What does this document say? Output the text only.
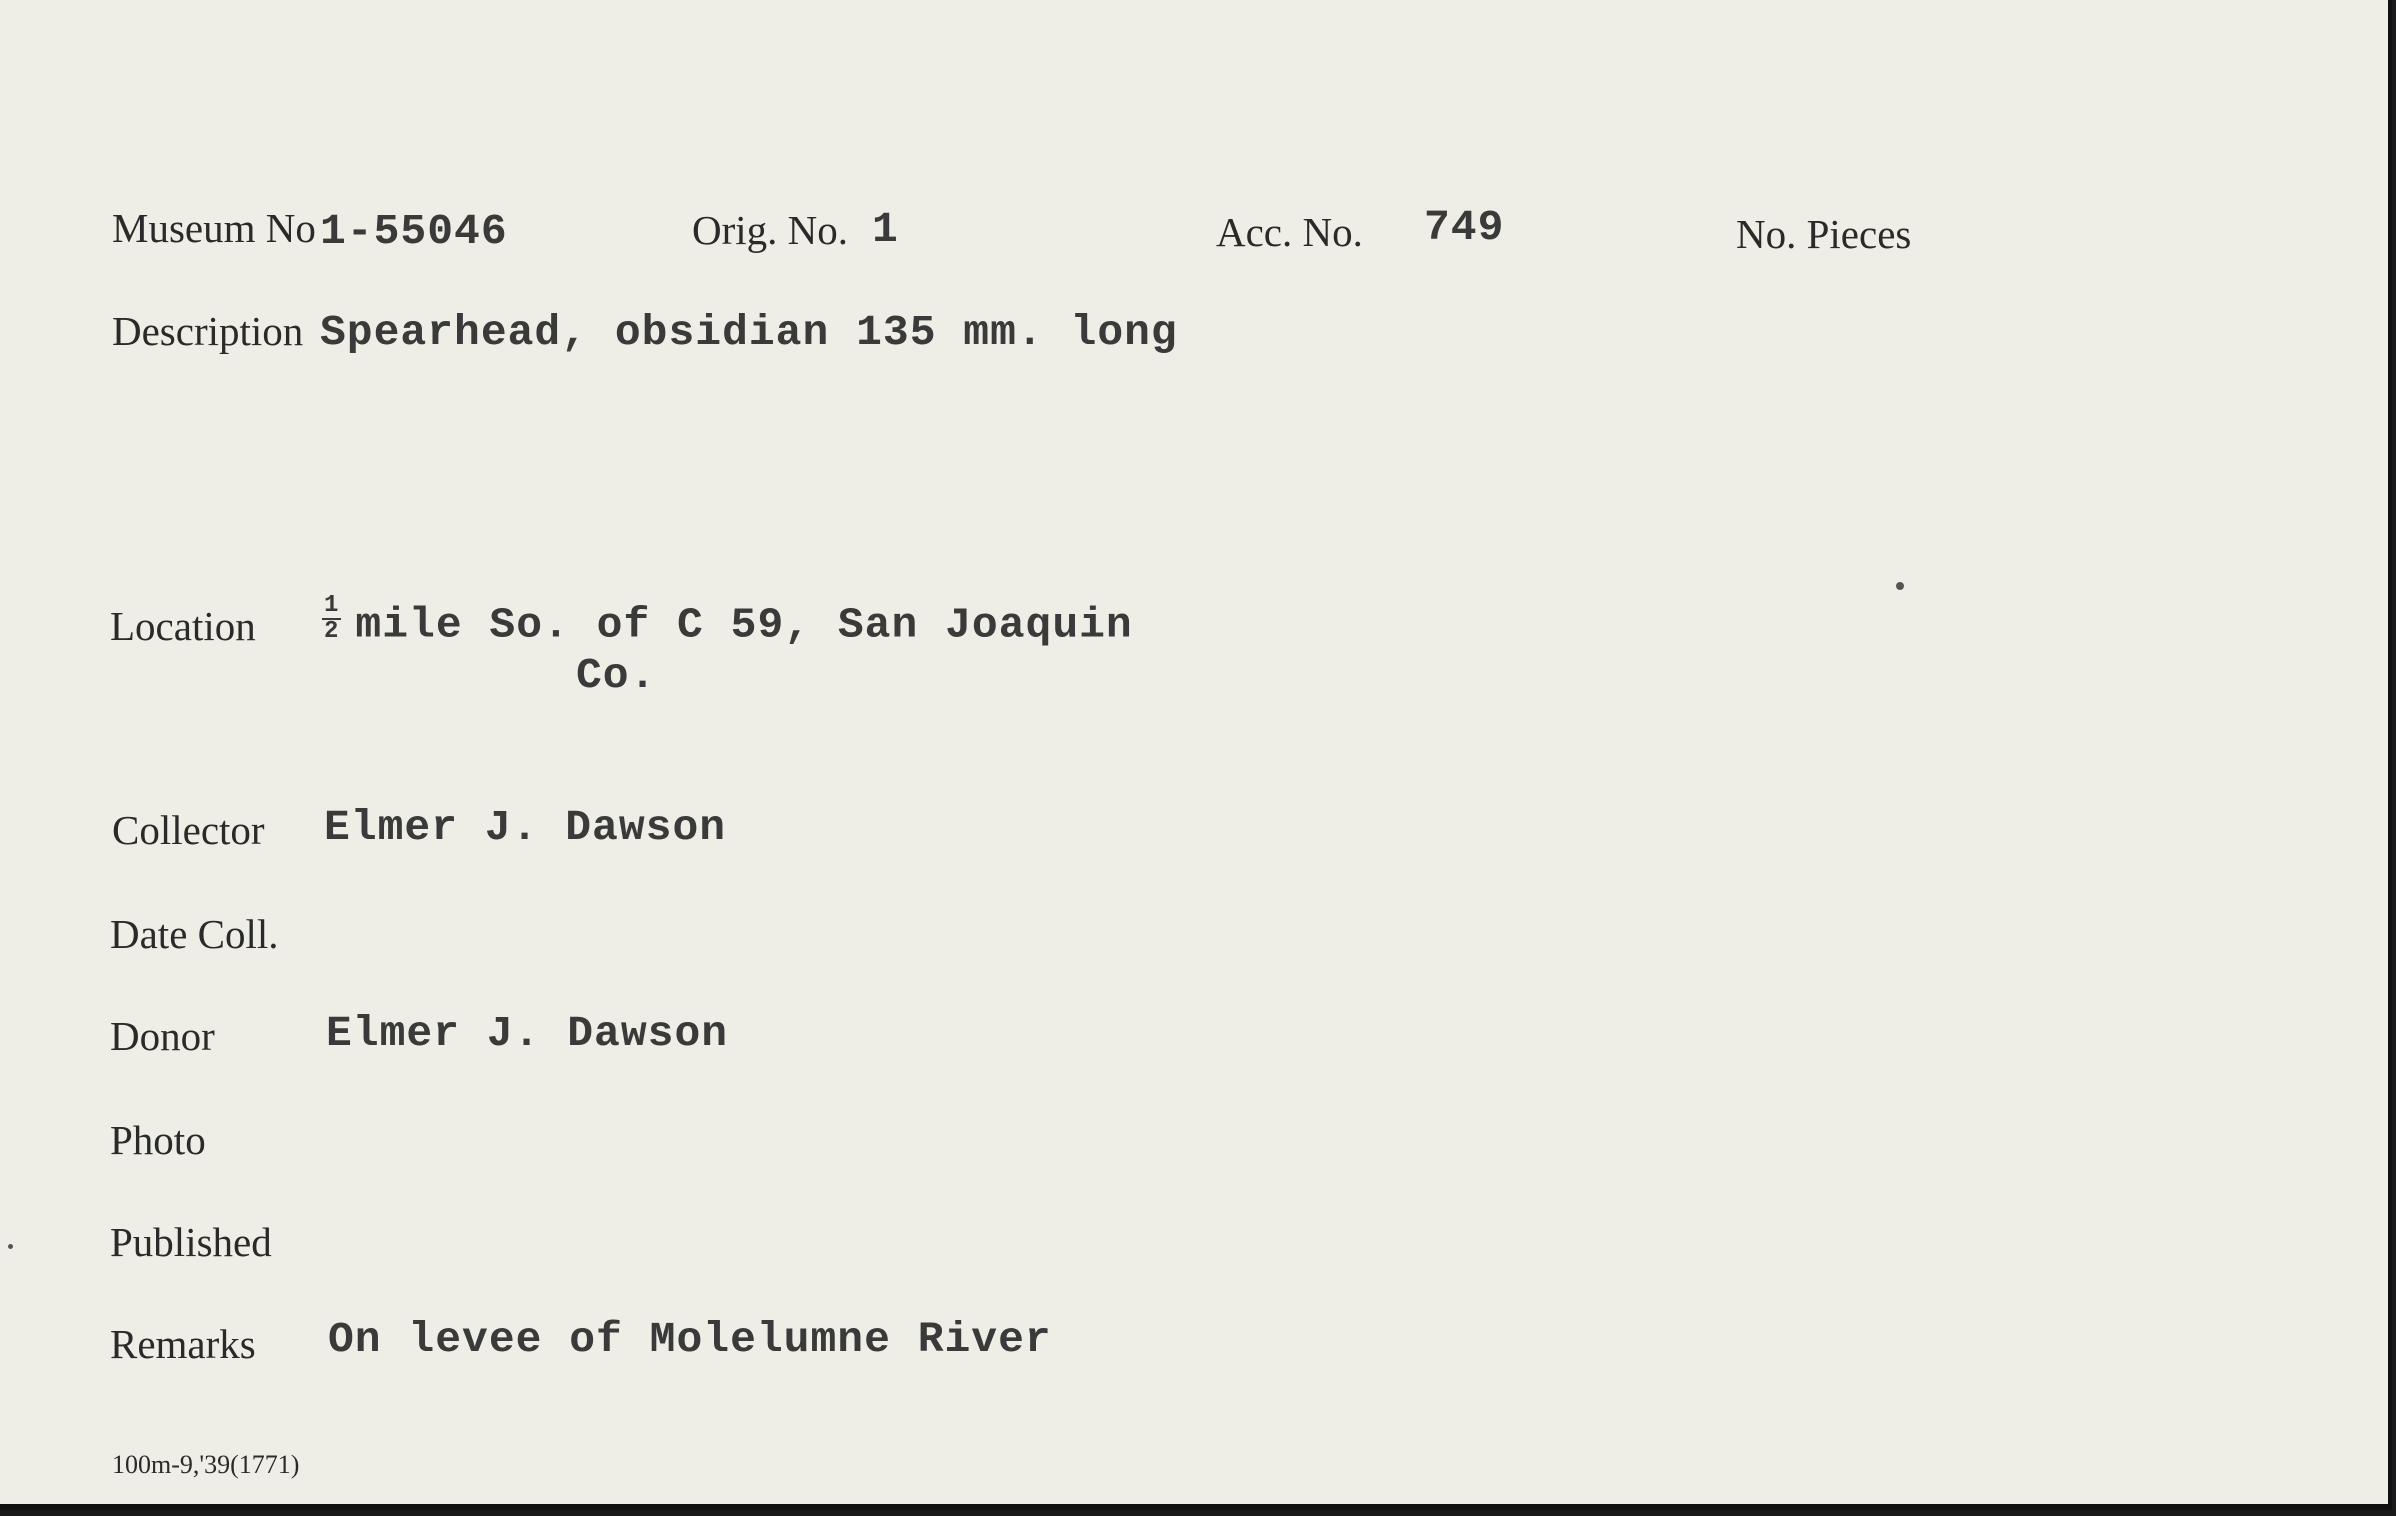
Museum No 1-55046	Orig. No. 1	Acc. No. 749	No. Pieces
Description Spearhead, obsidian 135 mm. long
Location	$\frac{1}{2}$ mile So. of C 59, San Joaquin
Co.
Collector Elmer J. Dawson
Date Coll.
Donor	Elmer J. Dawson
Photo
Published
Remarks On levee of Molelumne River
100m-9,'39(1771)
